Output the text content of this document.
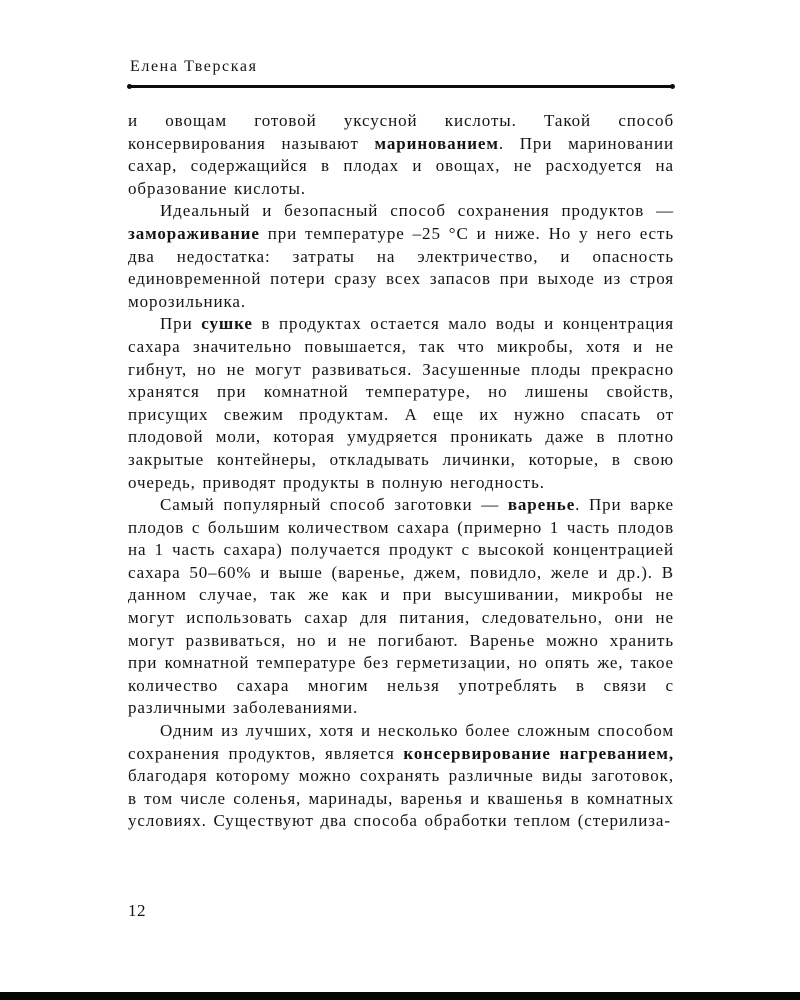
Елена Тверская

и овощам готовой уксусной кислоты. Такой способ консервирования называют маринованием. При мариновании сахар, содержащийся в плодах и овощах, не расходуется на образование кислоты.

Идеальный и безопасный способ сохранения продуктов — замораживание при температуре –25 °С и ниже. Но у него есть два недостатка: затраты на электричество, и опасность единовременной потери сразу всех запасов при выходе из строя морозильника.

При сушке в продуктах остается мало воды и концентрация сахара значительно повышается, так что микробы, хотя и не гибнут, но не могут развиваться. Засушенные плоды прекрасно хранятся при комнатной температуре, но лишены свойств, присущих свежим продуктам. А еще их нужно спасать от плодовой моли, которая умудряется проникать даже в плотно закрытые контейнеры, откладывать личинки, которые, в свою очередь, приводят продукты в полную негодность.

Самый популярный способ заготовки — варенье. При варке плодов с большим количеством сахара (примерно 1 часть плодов на 1 часть сахара) получается продукт с высокой концентрацией сахара 50–60% и выше (варенье, джем, повидло, желе и др.). В данном случае, так же как и при высушивании, микробы не могут использовать сахар для питания, следовательно, они не могут развиваться, но и не погибают. Варенье можно хранить при комнатной температуре без герметизации, но опять же, такое количество сахара многим нельзя употреблять в связи с различными заболеваниями.

Одним из лучших, хотя и несколько более сложным способом сохранения продуктов, является консервирование нагреванием, благодаря которому можно сохранять различные виды заготовок, в том числе соленья, маринады, варенья и квашенья в комнатных условиях. Существуют два способа обработки теплом (стерилиза-

12
